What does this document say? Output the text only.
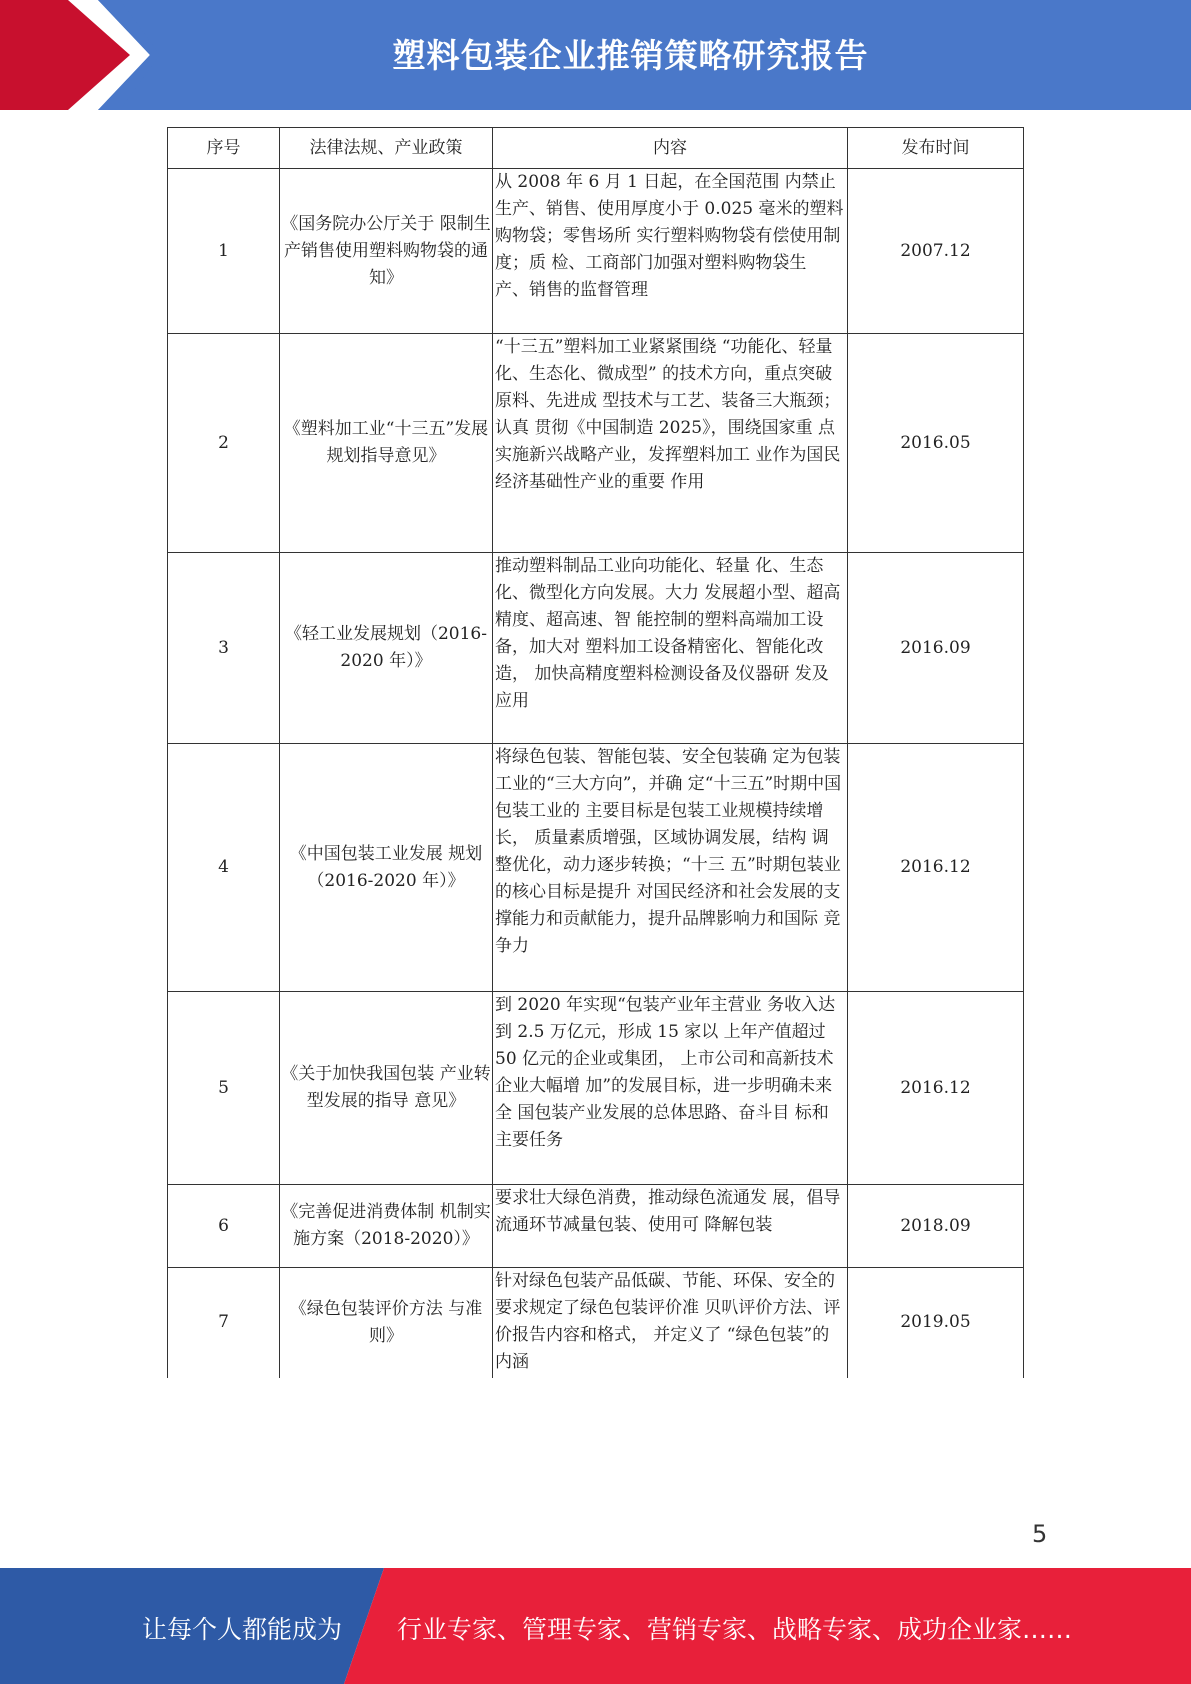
塑料包装企业推销策略研究报告
序号	法律法规、产业政策	内容	发布时间
1	《国务院办公厅关于 限制生产销售使用塑料购物袋的通知》	从 2008 年 6 月 1 日起，在全国范围 内禁止生产、销售、使用厚度小于 0.025 毫米的塑料购物袋；零售场所 实行塑料购物袋有偿使用制度；质 检、工商部门加强对塑料购物袋生 产、销售的监督管理	2007.12
2	《塑料加工业“十三五”发展规划指导意见》	“十三五”塑料加工业紧紧围绕 “功能化、轻量化、生态化、微成型” 的技术方向，重点突破原料、先进成 型技术与工艺、装备三大瓶颈；认真 贯彻《中国制造 2025》，围绕国家重 点实施新兴战略产业，发挥塑料加工 业作为国民经济基础性产业的重要 作用	2016.05
3	《轻工业发展规划（2016-2020 年）》	推动塑料制品工业向功能化、轻量 化、生态化、微型化方向发展。大力 发展超小型、超高精度、超高速、智 能控制的塑料高端加工设备，加大对 塑料加工设备精密化、智能化改造， 加快高精度塑料检测设备及仪器研 发及应用	2016.09
4	《中国包装工业发展 规划（2016-2020 年）》	将绿色包装、智能包装、安全包装确 定为包装工业的“三大方向”，并确 定“十三五”时期中国包装工业的 主要目标是包装工业规模持续增长， 质量素质增强，区域协调发展，结构 调整优化，动力逐步转换；“十三 五”时期包装业的核心目标是提升 对国民经济和社会发展的支撑能力和贡献能力，提升品牌影响力和国际 竞争力	2016.12
5	《关于加快我国包装 产业转型发展的指导 意见》	到 2020 年实现“包装产业年主营业 务收入达到 2.5 万亿元，形成 15 家以 上年产值超过 50 亿元的企业或集团， 上市公司和高新技术企业大幅增 加”的发展目标，进一步明确未来全 国包装产业发展的总体思路、奋斗目 标和主要任务	2016.12
6	《完善促进消费体制 机制实施方案（2018-2020）》	要求壮大绿色消费，推动绿色流通发 展，倡导流通环节减量包装、使用可 降解包装	2018.09
7	《绿色包装评价方法 与准则》	针对绿色包装产品低碳、节能、环保、安全的要求规定了绿色包装评价准 贝叭评价方法、评价报告内容和格式， 并定义了 “绿色包装”的内涵	2019.05
5
让每个人都能成为 行业专家、管理专家、营销专家、战略专家、成功企业家……
